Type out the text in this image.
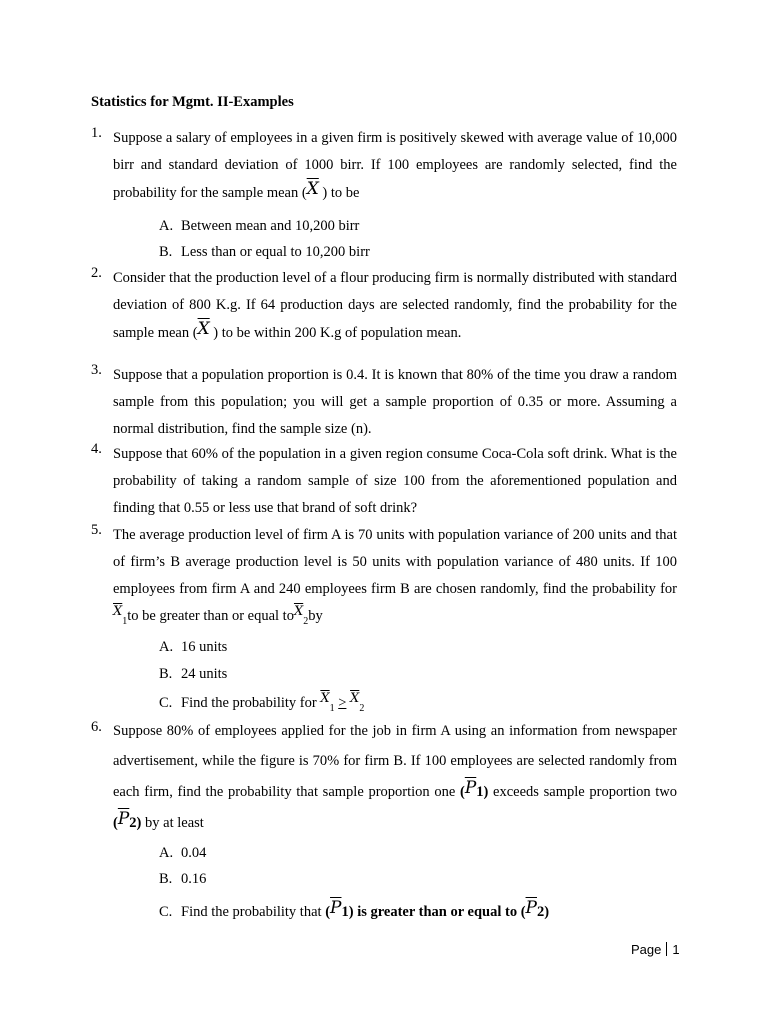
Statistics for Mgmt. II-Examples
1. Suppose a salary of employees in a given firm is positively skewed with average value of 10,000 birr and standard deviation of 1000 birr. If 100 employees are randomly selected, find the probability for the sample mean ($\overline{X}$ ) to be
A. Between mean and 10,200 birr
B. Less than or equal to 10,200 birr
2. Consider that the production level of a flour producing firm is normally distributed with standard deviation of 800 K.g. If 64 production days are selected randomly, find the probability for the sample mean ($\overline{X}$ ) to be within 200 K.g of population mean.
3. Suppose that a population proportion is 0.4. It is known that 80% of the time you draw a random sample from this population; you will get a sample proportion of 0.35 or more. Assuming a normal distribution, find the sample size (n).
4. Suppose that 60% of the population in a given region consume Coca-Cola soft drink. What is the probability of taking a random sample of size 100 from the aforementioned population and finding that 0.55 or less use that brand of soft drink?
5. The average production level of firm A is 70 units with population variance of 200 units and that of firm’s B average production level is 50 units with population variance of 480 units. If 100 employees from firm A and 240 employees firm B are chosen randomly, find the probability for $\overline{X}_1to$ be greater than or equal $to\overline{X}_2by$
A. 16 units
B. 24 units
C. Find the probability for $\overline{X}_1 \ge \overline{X}_2$
6. Suppose 80% of employees applied for the job in firm A using an information from newspaper advertisement, while the figure is 70% for firm B. If 100 employees are selected randomly from each firm, find the probability that sample proportion one $(\overline{P}1)$ exceeds sample proportion two $(\overline{P}2)$ by at least
A. 0.04
B. 0.16
C. Find the probability that $(\overline{P}1)$ is greater than or equal to $(\overline{P}2)$
Page 1
